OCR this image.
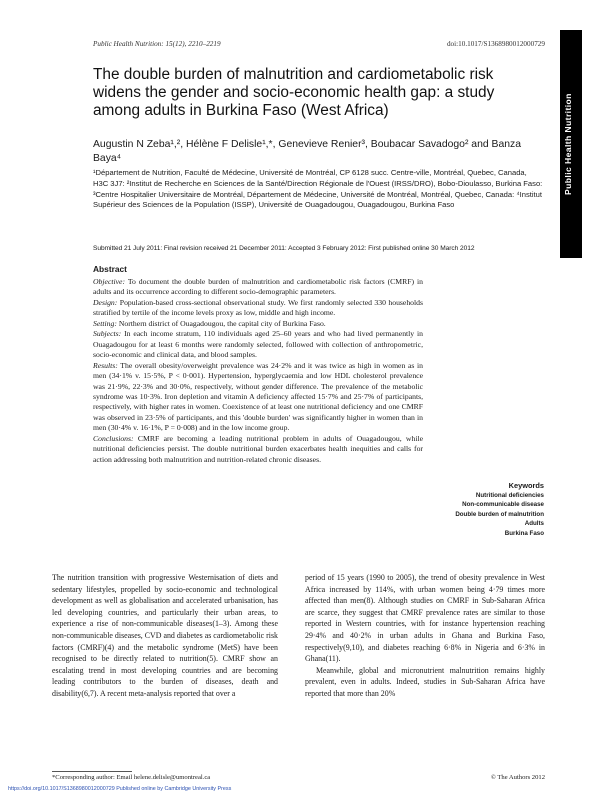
Public Health Nutrition: 15(12), 2210–2219	doi:10.1017/S1368980012000729
Public Health Nutrition
The double burden of malnutrition and cardiometabolic risk widens the gender and socio-economic health gap: a study among adults in Burkina Faso (West Africa)
Augustin N Zeba¹,², Hélène F Delisle¹,*, Genevieve Renier³, Boubacar Savadogo² and Banza Baya⁴
¹Département de Nutrition, Faculté de Médecine, Université de Montréal, CP 6128 succ. Centre-ville, Montréal, Quebec, Canada, H3C 3J7: ²Institut de Recherche en Sciences de la Santé/Direction Régionale de l'Ouest (IRSS/DRO), Bobo-Dioulasso, Burkina Faso: ³Centre Hospitalier Universitaire de Montréal, Département de Médecine, Université de Montréal, Montréal, Quebec, Canada: ⁴Institut Supérieur des Sciences de la Population (ISSP), Université de Ouagadougou, Ouagadougou, Burkina Faso
Submitted 21 July 2011: Final revision received 21 December 2011: Accepted 3 February 2012: First published online 30 March 2012
Abstract

Objective: To document the double burden of malnutrition and cardiometabolic risk factors (CMRF) in adults and its occurrence according to different socio-demographic parameters.

Design: Population-based cross-sectional observational study. We first randomly selected 330 households stratified by tertile of the income levels proxy as low, middle and high income.

Setting: Northern district of Ouagadougou, the capital city of Burkina Faso.

Subjects: In each income stratum, 110 individuals aged 25–60 years and who had lived permanently in Ouagadougou for at least 6 months were randomly selected, followed with collection of anthropometric, socio-economic and clinical data, and blood samples.

Results: The overall obesity/overweight prevalence was 24·2% and it was twice as high in women as in men (34·1% v. 15·5%, P < 0·001). Hypertension, hyperglycaemia and low HDL cholesterol prevalence was 21·9%, 22·3% and 30·0%, respectively, without gender difference. The prevalence of the metabolic syndrome was 10·3%. Iron depletion and vitamin A deficiency affected 15·7% and 25·7% of participants, respectively, with higher rates in women. Coexistence of at least one nutritional deficiency and one CMRF was observed in 23·5% of participants, and this 'double burden' was significantly higher in women than in men (30·4% v. 16·1%, P = 0·008) and in the low income group.

Conclusions: CMRF are becoming a leading nutritional problem in adults of Ouagadougou, while nutritional deficiencies persist. The double nutritional burden exacerbates health inequities and calls for action addressing both malnutrition and nutrition-related chronic diseases.

Keywords
Nutritional deficiencies
Non-communicable disease
Double burden of malnutrition
Adults
Burkina Faso

The nutrition transition with progressive Westernisation of diets and sedentary lifestyles, propelled by socio-economic and technological development as well as globalisation and accelerated urbanisation, has led developing countries, and particularly their urban areas, to experience a rise of non-communicable diseases(1–3). Among these non-communicable diseases, CVD and diabetes as cardiometabolic risk factors (CMRF)(4) and the metabolic syndrome (MetS) have been recognised to be directly related to nutrition(5). CMRF show an escalating trend in most developing countries and are becoming leading contributors to the burden of diseases, death and disability(6,7). A recent meta-analysis reported that over a

period of 15 years (1990 to 2005), the trend of obesity prevalence in West Africa increased by 114%, with urban women being 4·79 times more affected than men(8). Although studies on CMRF in Sub-Saharan Africa are scarce, they suggest that CMRF prevalence rates are similar to those reported in Western countries, with for instance hypertension reaching 29·4% and 40·2% in urban adults in Ghana and Burkina Faso, respectively(9,10), and diabetes reaching 6·8% in Nigeria and 6·3% in Ghana(11).

Meanwhile, global and micronutrient malnutrition remains highly prevalent, even in adults. Indeed, studies in Sub-Saharan Africa have reported that more than 20%

*Corresponding author: Email helene.delisle@umontreal.ca	© The Authors 2012
https://doi.org/10.1017/S1368980012000729 Published online by Cambridge University Press
